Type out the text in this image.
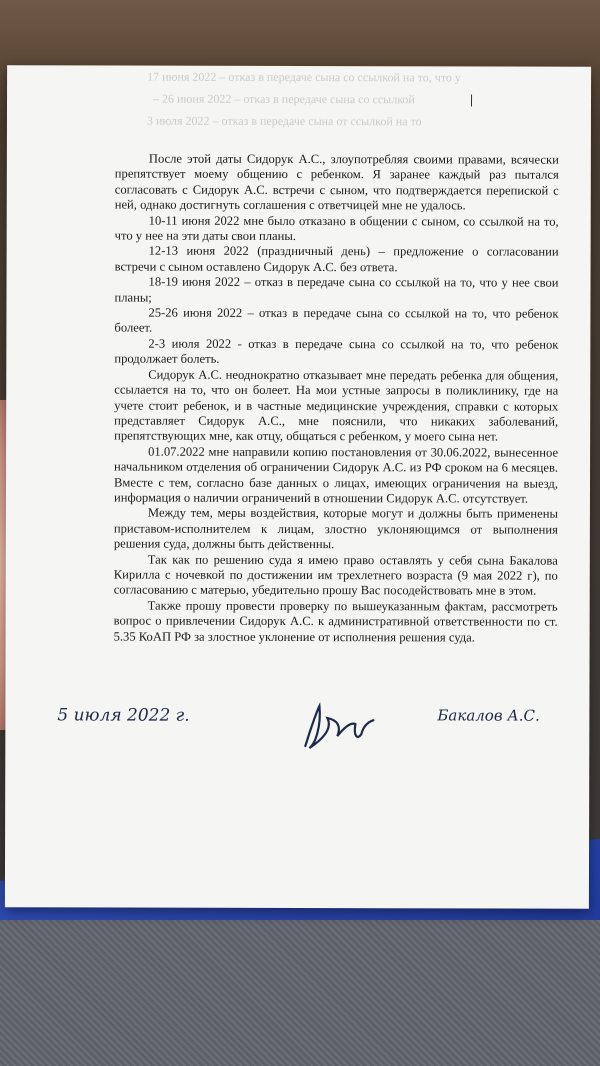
17 июня 2022 – отказ в передаче сына со ссылкой на то, что у
– 26 июня 2022 – отказ в передаче сына со ссылкой
3 июля 2022 – отказ в передаче сына от ссылкой на то

После этой даты Сидорук А.С., злоупотребляя своими правами, всячески препятствует моему общению с ребенком. Я заранее каждый раз пытался согласовать с Сидорук А.С. встречи с сыном, что подтверждается перепиской с ней, однако достигнуть соглашения с ответчицей мне не удалось.

10-11 июня 2022 мне было отказано в общении с сыном, со ссылкой на то, что у нее на эти даты свои планы.

12-13 июня 2022 (праздничный день) – предложение о согласовании встречи с сыном оставлено Сидорук А.С. без ответа.

18-19 июня 2022 – отказ в передаче сына со ссылкой на то, что у нее свои планы;

25-26 июня 2022 – отказ в передаче сына со ссылкой на то, что ребенок болеет.

2-3 июля 2022 - отказ в передаче сына со ссылкой на то, что ребенок продолжает болеть.

Сидорук А.С. неоднократно отказывает мне передать ребенка для общения, ссылается на то, что он болеет. На мои устные запросы в поликлинику, где на учете стоит ребенок, и в частные медицинские учреждения, справки с которых представляет Сидорук А.С., мне пояснили, что никаких заболеваний, препятствующих мне, как отцу, общаться с ребенком, у моего сына нет.

01.07.2022 мне направили копию постановления от 30.06.2022, вынесенное начальником отделения об ограничении Сидорук А.С. из РФ сроком на 6 месяцев. Вместе с тем, согласно базе данных о лицах, имеющих ограничения на выезд, информация о наличии ограничений в отношении Сидорук А.С. отсутствует.

Между тем, меры воздействия, которые могут и должны быть применены приставом-исполнителем к лицам, злостно уклоняющимся от выполнения решения суда, должны быть действенны.

Так как по решению суда я имею право оставлять у себя сына Бакалова Кирилла с ночевкой по достижении им трехлетнего возраста (9 мая 2022 г), по согласованию с матерью, убедительно прошу Вас посодействовать мне в этом.

Также прошу провести проверку по вышеуказанным фактам, рассмотреть вопрос о привлечении Сидорук А.С. к административной ответственности по ст. 5.35 КоАП РФ за злостное уклонение от исполнения решения суда.

5 июля 2022 г.	Бакалов А.С.
